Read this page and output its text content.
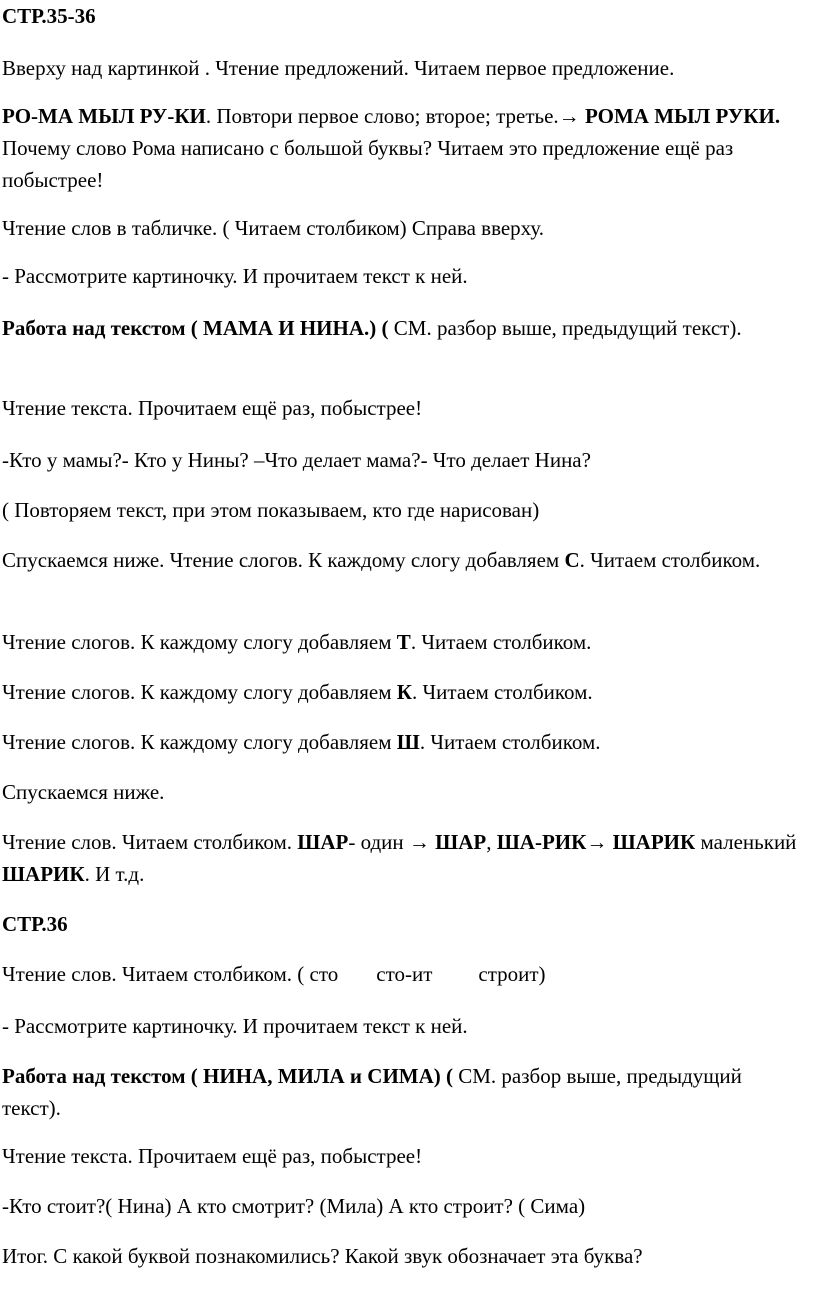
СТР.35-36

Вверху над картинкой . Чтение предложений. Читаем первое предложение.

РО-МА МЫЛ РУ-КИ. Повтори первое слово; второе; третье.→ РОМА МЫЛ РУКИ. Почему слово Рома написано с большой буквы? Читаем это предложение ещё раз побыстрее!

Чтение слов в табличке. ( Читаем столбиком) Справа вверху.

- Рассмотрите картиночку. И прочитаем текст к ней.

Работа над текстом ( МАМА И НИНА.) ( СМ. разбор выше, предыдущий текст).

Чтение текста. Прочитаем ещё раз, побыстрее!

-Кто у мамы?- Кто у Нины? –Что делает мама?- Что делает Нина?

( Повторяем текст, при этом показываем, кто где нарисован)

Спускаемся ниже. Чтение слогов. К каждому слогу добавляем С. Читаем столбиком.

Чтение слогов. К каждому слогу добавляем Т. Читаем столбиком.

Чтение слогов. К каждому слогу добавляем К. Читаем столбиком.

Чтение слогов. К каждому слогу добавляем Ш. Читаем столбиком.

Спускаемся ниже.

Чтение слов. Читаем столбиком. ШАР- один → ШАР, ША-РИК→ ШАРИК маленький ШАРИК. И т.д.

СТР.36

Чтение слов. Читаем столбиком. ( сто сто-ит строит)

- Рассмотрите картиночку. И прочитаем текст к ней.

Работа над текстом ( НИНА, МИЛА и СИМА) ( СМ. разбор выше, предыдущий текст).

Чтение текста. Прочитаем ещё раз, побыстрее!

-Кто стоит?( Нина) А кто смотрит? (Мила) А кто строит? ( Сима)

Итог. С какой буквой познакомились? Какой звук обозначает эта буква?
